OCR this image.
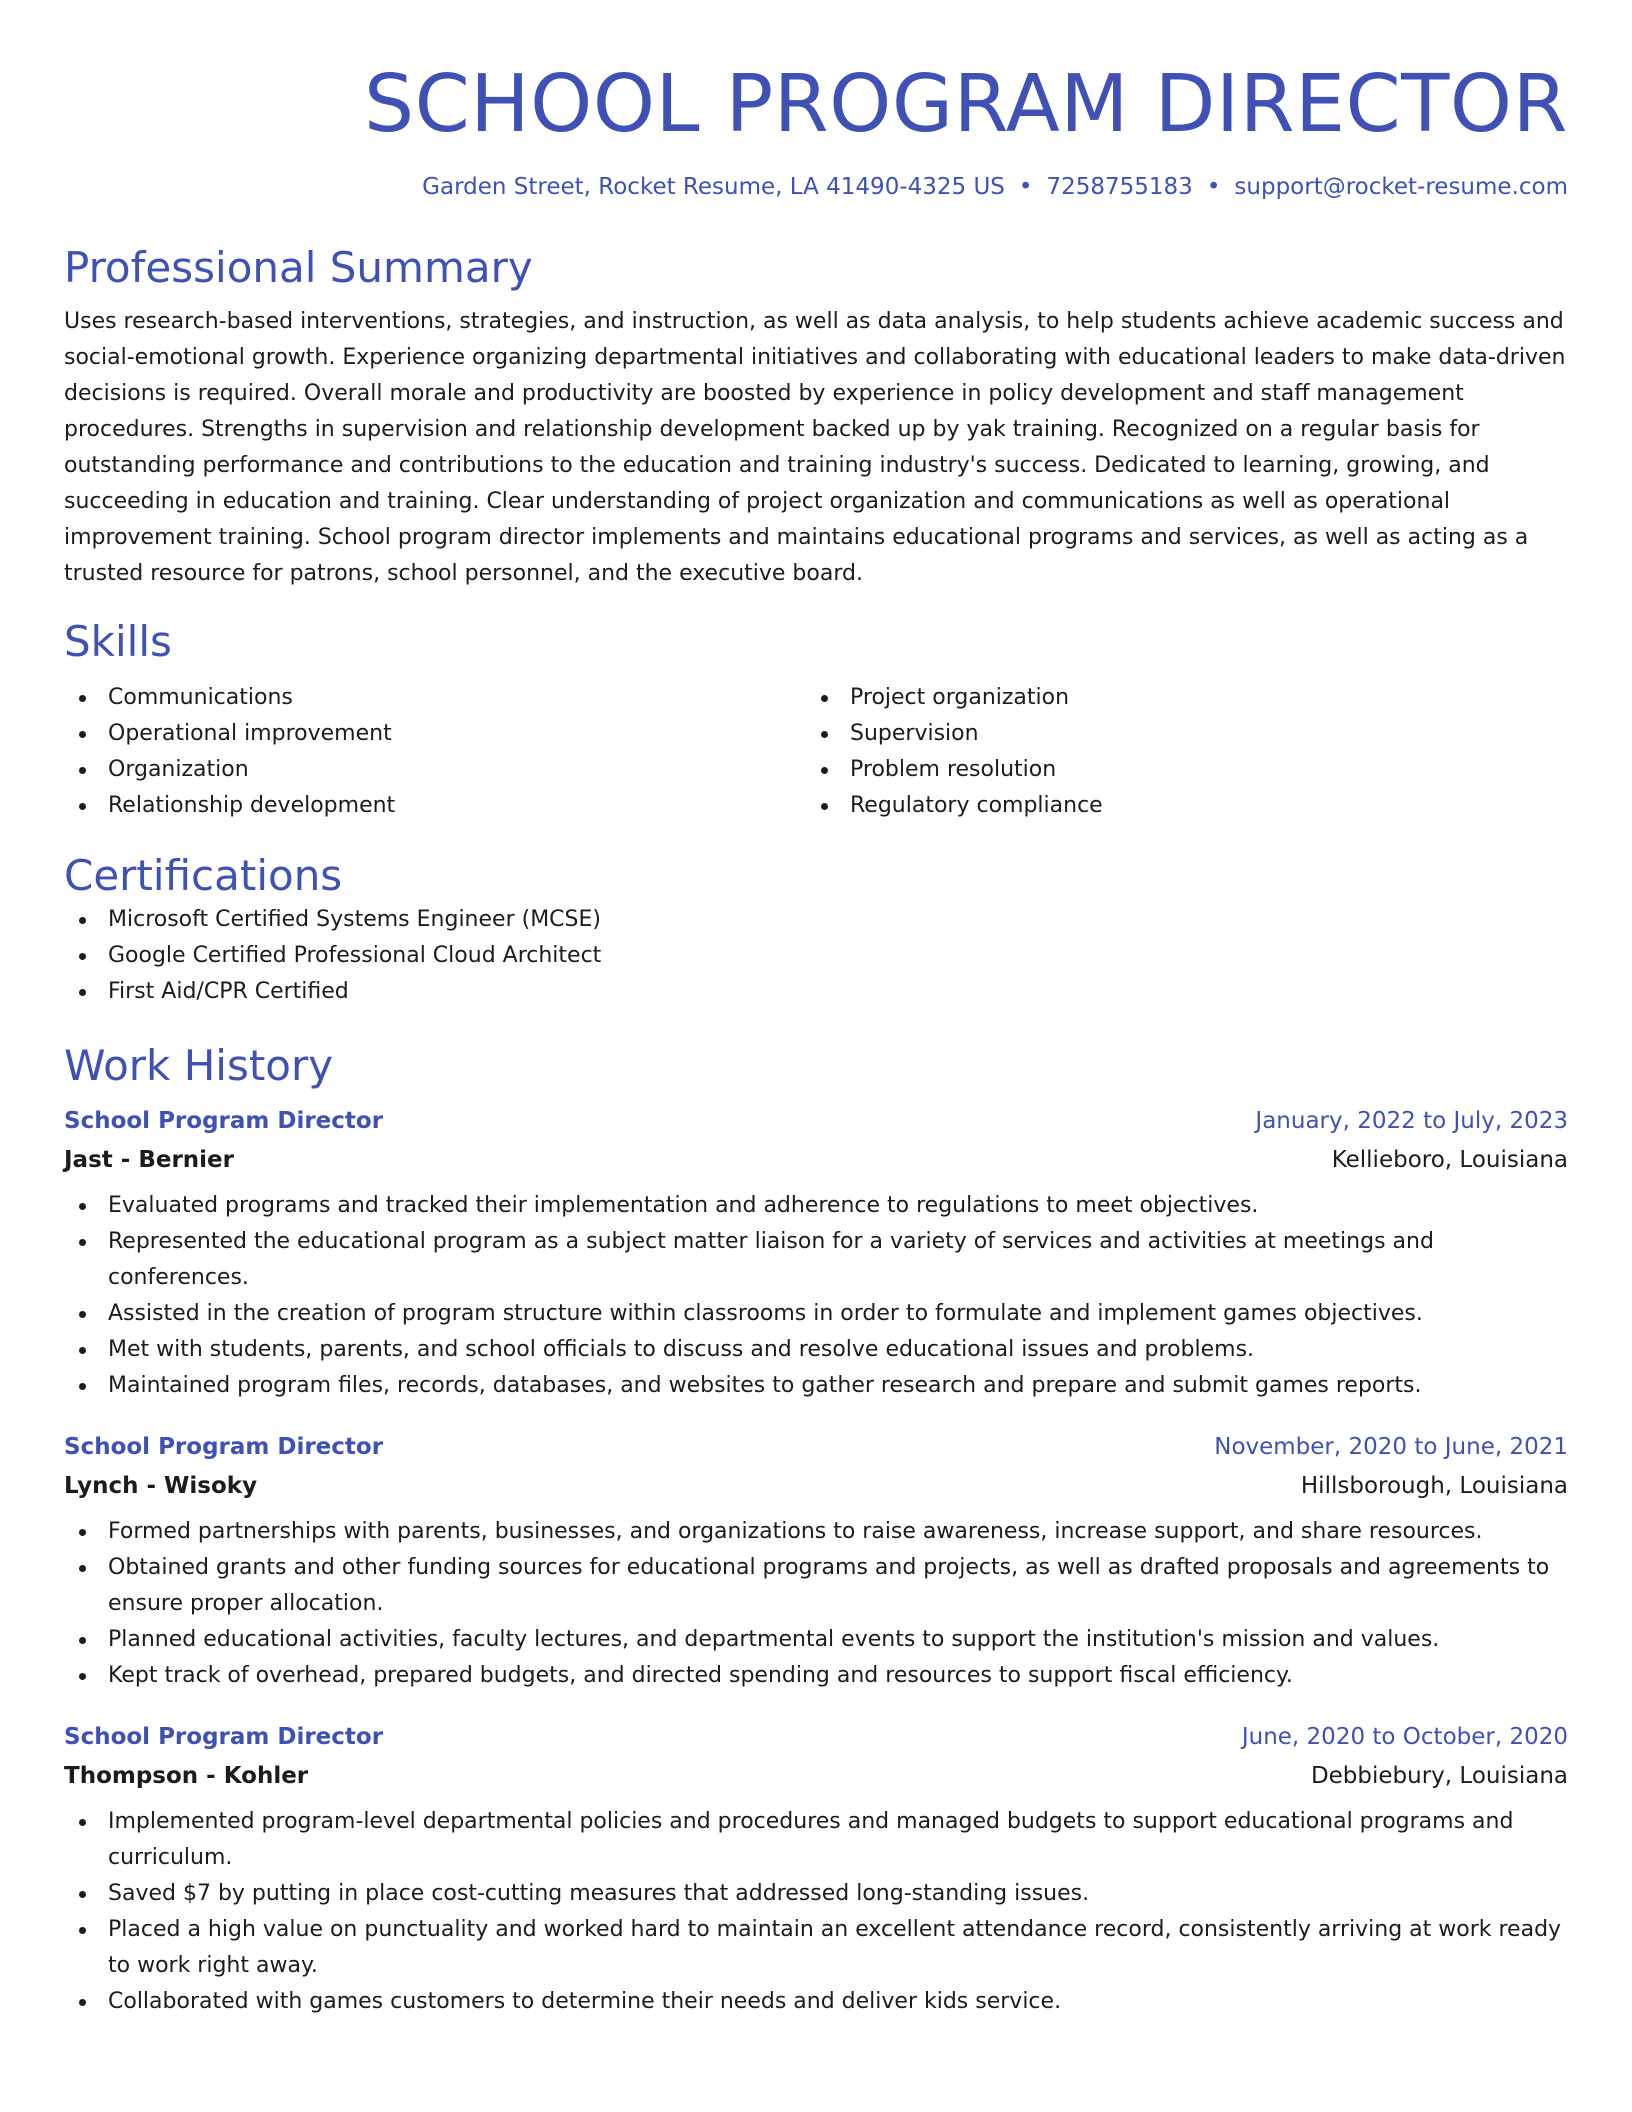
SCHOOL PROGRAM DIRECTOR
Garden Street, Rocket Resume, LA 41490-4325 US • 7258755183 • support@rocket-resume.com
Professional Summary
Uses research-based interventions, strategies, and instruction, as well as data analysis, to help students achieve academic success and social-emotional growth. Experience organizing departmental initiatives and collaborating with educational leaders to make data-driven decisions is required. Overall morale and productivity are boosted by experience in policy development and staff management procedures. Strengths in supervision and relationship development backed up by yak training. Recognized on a regular basis for outstanding performance and contributions to the education and training industry's success. Dedicated to learning, growing, and succeeding in education and training. Clear understanding of project organization and communications as well as operational improvement training. School program director implements and maintains educational programs and services, as well as acting as a trusted resource for patrons, school personnel, and the executive board.
Skills
Communications
Operational improvement
Organization
Relationship development
Project organization
Supervision
Problem resolution
Regulatory compliance
Certifications
Microsoft Certified Systems Engineer (MCSE)
Google Certified Professional Cloud Architect
First Aid/CPR Certified
Work History
School Program Director	January, 2022 to July, 2023
Jast - Bernier	Kellieboro, Louisiana
Evaluated programs and tracked their implementation and adherence to regulations to meet objectives.
Represented the educational program as a subject matter liaison for a variety of services and activities at meetings and conferences.
Assisted in the creation of program structure within classrooms in order to formulate and implement games objectives.
Met with students, parents, and school officials to discuss and resolve educational issues and problems.
Maintained program files, records, databases, and websites to gather research and prepare and submit games reports.
School Program Director	November, 2020 to June, 2021
Lynch - Wisoky	Hillsborough, Louisiana
Formed partnerships with parents, businesses, and organizations to raise awareness, increase support, and share resources.
Obtained grants and other funding sources for educational programs and projects, as well as drafted proposals and agreements to ensure proper allocation.
Planned educational activities, faculty lectures, and departmental events to support the institution's mission and values.
Kept track of overhead, prepared budgets, and directed spending and resources to support fiscal efficiency.
School Program Director	June, 2020 to October, 2020
Thompson - Kohler	Debbiebury, Louisiana
Implemented program-level departmental policies and procedures and managed budgets to support educational programs and curriculum.
Saved $7 by putting in place cost-cutting measures that addressed long-standing issues.
Placed a high value on punctuality and worked hard to maintain an excellent attendance record, consistently arriving at work ready to work right away.
Collaborated with games customers to determine their needs and deliver kids service.
